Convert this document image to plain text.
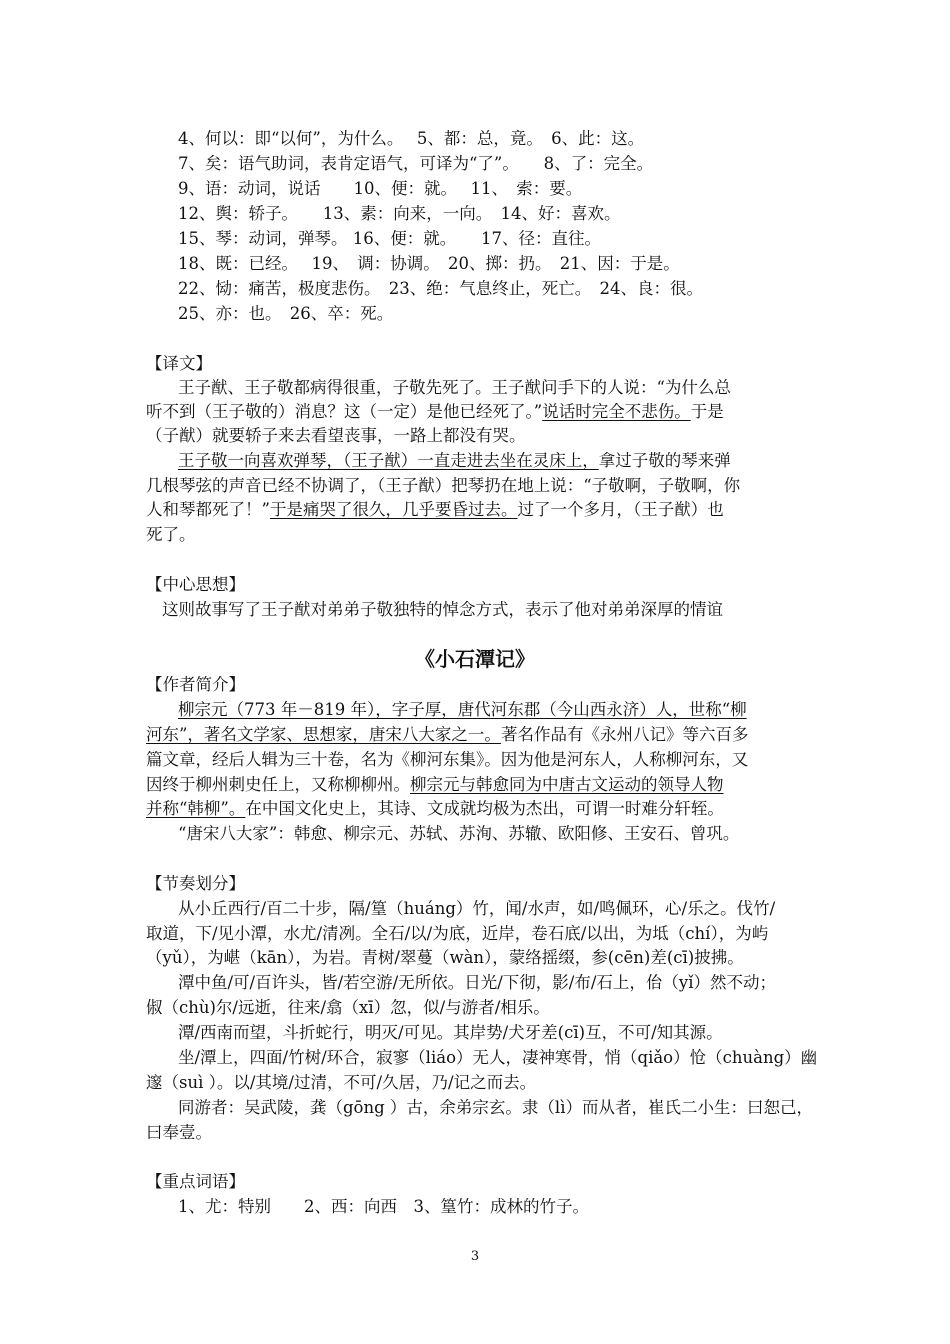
4、何以：即“以何”，为什么。　 5、都：总，竟。　6、此：这。
7、矣：语气助词，表肯定语气，可译为“了”。　　8、了：完全。
9、语：动词，说话　　10、便：就。　 11、　索：要。
12、舆：轿子。　　13、素：向来，一向。　14、好：喜欢。
15、琴：动词，弹琴。 16、便：就。　　17、径：直往。
18、既：已经。　 19、　调：协调。　20、掷：扔。　21、因：于是。
22、恸：痛苦，极度悲伤。　23、绝：气息终止，死亡。　24、良：很。
25、亦：也。　26、卒：死。
【译文】
王子猷、王子敬都病得很重，子敬先死了。王子猷问手下的人说：“为什么总
听不到（王子敬的）消息？这（一定）是他已经死了。”说话时完全不悲伤。于是
（子猷）就要轿子来去看望丧事，一路上都没有哭。
王子敬一向喜欢弹琴，（王子猷）一直走进去坐在灵床上，拿过子敬的琴来弹
几根琴弦的声音已经不协调了，（王子猷）把琴扔在地上说：“子敬啊，子敬啊，你
人和琴都死了！”于是痛哭了很久，几乎要昏过去。过了一个多月，（王子猷）也
死了。
【中心思想】
这则故事写了王子猷对弟弟子敬独特的悼念方式，表示了他对弟弟深厚的情谊
《小石潭记》
【作者简介】
柳宗元（773 年－819 年），字子厚，唐代河东郡（今山西永济）人，世称“柳
河东”，著名文学家、思想家，唐宋八大家之一。著名作品有《永州八记》等六百多
篇文章，经后人辑为三十卷，名为《柳河东集》。因为他是河东人，人称柳河东，又
因终于柳州刺史任上，又称柳柳州。柳宗元与韩愈同为中唐古文运动的领导人物
并称“韩柳”。在中国文化史上，其诗、文成就均极为杰出，可谓一时难分轩轾。
“唐宋八大家”：韩愈、柳宗元、苏轼、苏洵、苏辙、欧阳修、王安石、曾巩。
【节奏划分】
从小丘西行/百二十步，隔/篁（huáng）竹，闻/水声，如/鸣佩环，心/乐之。伐竹/
取道，下/见小潭，水尤/清冽。全石/以/为底，近岸，卷石底/以出，为坻（chí），为屿
（yǔ），为嵁（kān），为岩。青树/翠蔓（wàn），蒙络摇缀，参(cēn)差(cī)披拂。
潭中鱼/可/百许头，皆/若空游/无所依。日光/下彻，影/布/石上，佁（yǐ）然不动；
俶（chù)尔/远逝，往来/翕（xī）忽，似/与游者/相乐。
潭/西南而望，斗折蛇行，明灭/可见。其岸势/犬牙差(cī)互，不可/知其源。
坐/潭上，四面/竹树/环合，寂寥（liáo）无人，凄神寒骨，悄（qiǎo）怆（chuàng）幽
邃（suì ）。以/其境/过清，不可/久居，乃/记之而去。
同游者：吴武陵，龚（gōng ）古，余弟宗玄。隶（lì）而从者，崔氏二小生：曰恕己，
曰奉壹。
【重点词语】
1、尤：特别　　2、西：向西　3、篁竹：成林的竹子。
3
